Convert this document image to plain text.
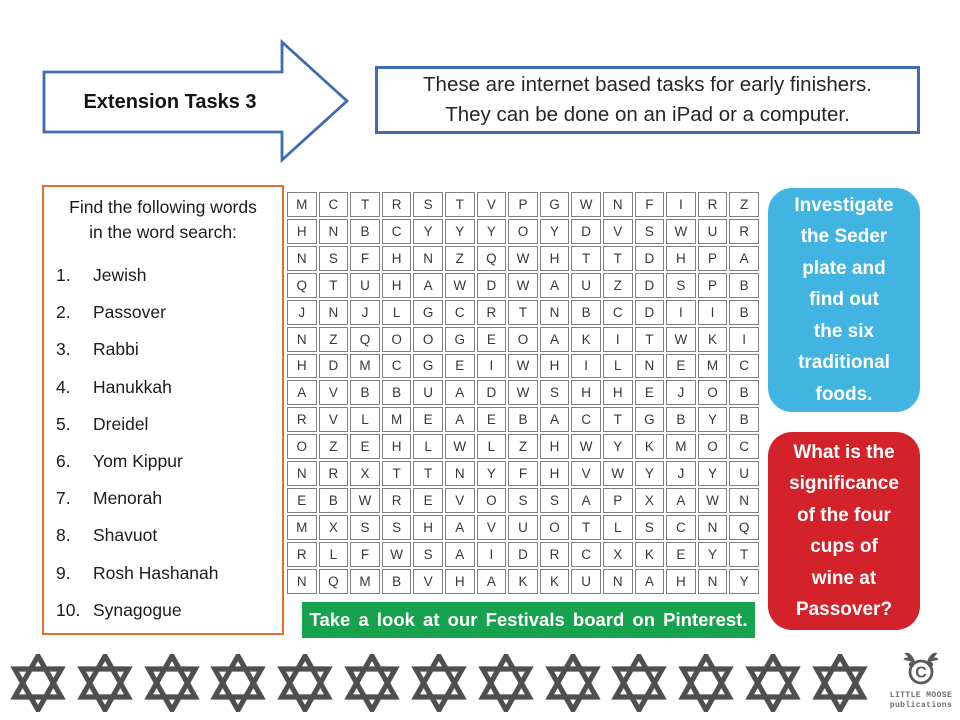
Extension Tasks 3
These are internet based tasks for early finishers.
They can be done on an iPad or a computer.
Find the following words
in the word search:
1.	Jewish
2.	Passover
3.	Rabbi
4.	Hanukkah
5.	Dreidel
6.	Yom Kippur
7.	Menorah
8.	Shavuot
9.	Rosh Hashanah
10. Synagogue
M	C	T	R	S	T	V	P	G	W	N	F	I	R	Z
H	N	B	C	Y	Y	Y	O	Y	D	V	S	W	U	R
N	S	F	H	N	Z	Q	W	H	T	T	D	H	P	A
Q	T	U	H	A	W	D	W	A	U	Z	D	S	P	B
J	N	J	L	G	C	R	T	N	B	C	D	I	I	B
N	Z	Q	O	O	G	E	O	A	K	I	T	W	K	I
H	D	M	C	G	E	I	W	H	I	L	N	E	M	C
A	V	B	B	U	A	D	W	S	H	H	E	J	O	B
R	V	L	M	E	A	E	B	A	C	T	G	B	Y	B
O	Z	E	H	L	W	L	Z	H	W	Y	K	M	O	C
N	R	X	T	T	N	Y	F	H	V	W	Y	J	Y	U
E	B	W	R	E	V	O	S	S	A	P	X	A	W	N
M	X	S	S	H	A	V	U	O	T	L	S	C	N	Q
R	L	F	W	S	A	I	D	R	C	X	K	E	Y	T
N	Q	M	B	V	H	A	K	K	U	N	A	H	N	Y
Investigate
the Seder
plate and
find out
the six
traditional
foods.
What is the
significance
of the four
cups of
wine at
Passover?
Take a look at our Festivals board on Pinterest.
C
LITTLE MOOSE
publications
